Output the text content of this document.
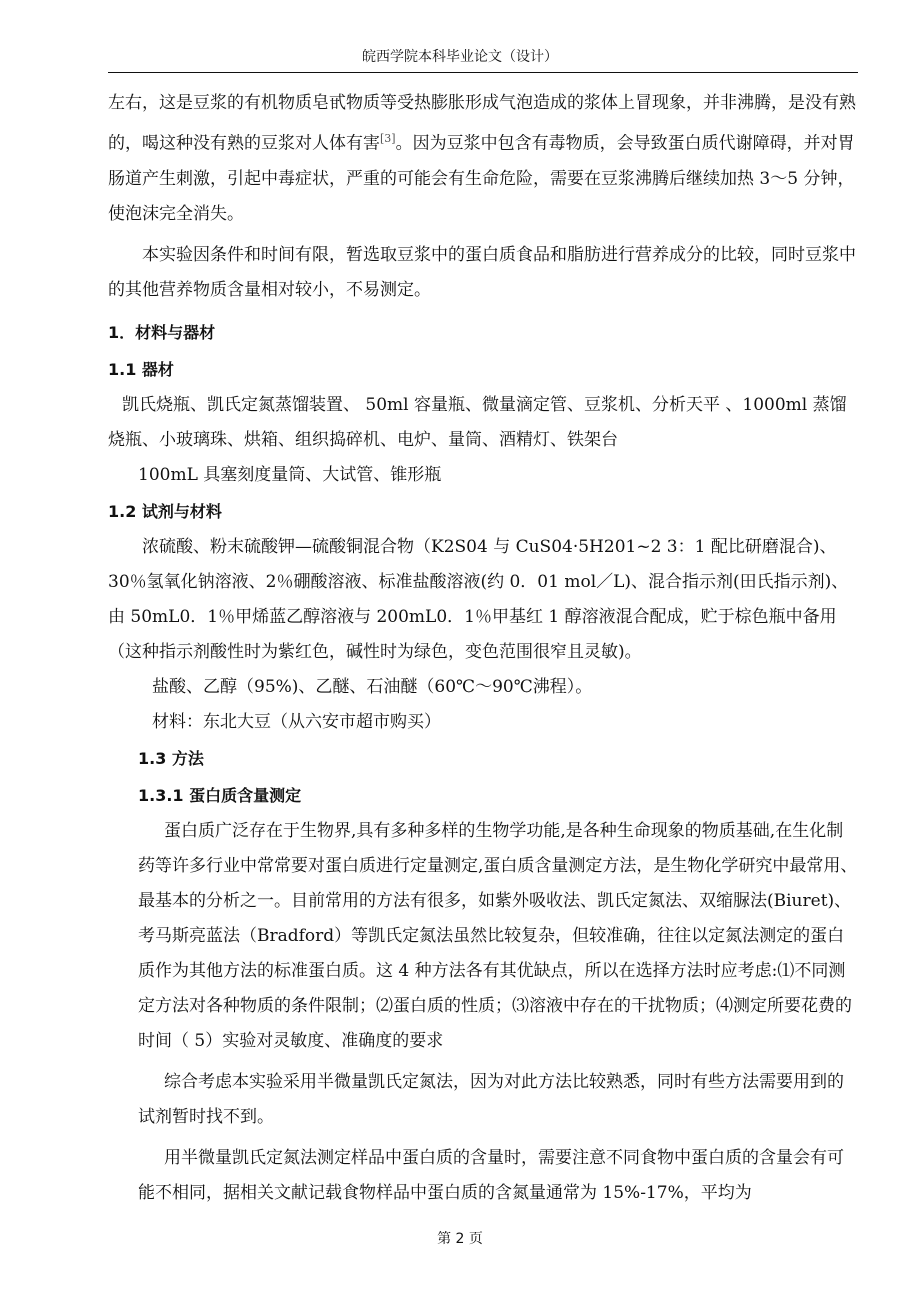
皖西学院本科毕业论文（设计）

左右，这是豆浆的有机物质皂甙物质等受热膨胀形成气泡造成的浆体上冒现象，并非沸腾，是没有熟的，喝这种没有熟的豆浆对人体有害[3]。因为豆浆中包含有毒物质，会导致蛋白质代谢障碍，并对胃肠道产生刺激，引起中毒症状，严重的可能会有生命危险，需要在豆浆沸腾后继续加热 3～5 分钟，使泡沫完全消失。

本实验因条件和时间有限，暂选取豆浆中的蛋白质食品和脂肪进行营养成分的比较，同时豆浆中的其他营养物质含量相对较小，不易测定。

1．材料与器材

1.1 器材

凯氏烧瓶、凯氏定氮蒸馏装置、 50ml 容量瓶、微量滴定管、豆浆机、分析天平 、1000ml 蒸馏烧瓶、小玻璃珠、烘箱、组织捣碎机、电炉、量筒、酒精灯、铁架台

100mL 具塞刻度量筒、大试管、锥形瓶

1.2 试剂与材料

浓硫酸、粉末硫酸钾—硫酸铜混合物（K2S04 与 CuS04·5H201~2 3：1 配比研磨混合)、30％氢氧化钠溶液、2％硼酸溶液、标准盐酸溶液(约 0．01 mol／L)、混合指示剂(田氏指示剂)、由 50mL0．1％甲烯蓝乙醇溶液与 200mL0．1％甲基红 1 醇溶液混合配成，贮于棕色瓶中备用（这种指示剂酸性时为紫红色，碱性时为绿色，变色范围很窄且灵敏)。

盐酸、乙醇（95%)、乙醚、石油醚（60℃～90℃沸程）。

材料：东北大豆（从六安市超市购买）

1.3 方法

1.3.1 蛋白质含量测定

蛋白质广泛存在于生物界,具有多种多样的生物学功能,是各种生命现象的物质基础,在生化制药等许多行业中常常要对蛋白质进行定量测定,蛋白质含量测定方法，是生物化学研究中最常用、最基本的分析之一。目前常用的方法有很多，如紫外吸收法、凯氏定氮法、双缩脲法(Biuret)、考马斯亮蓝法（Bradford）等凯氏定氮法虽然比较复杂，但较准确，往往以定氮法测定的蛋白质作为其他方法的标准蛋白质。这 4 种方法各有其优缺点，所以在选择方法时应考虑:⑴不同测定方法对各种物质的条件限制；⑵蛋白质的性质；⑶溶液中存在的干扰物质；⑷测定所要花费的时间（ 5）实验对灵敏度、准确度的要求

综合考虑本实验采用半微量凯氏定氮法，因为对此方法比较熟悉，同时有些方法需要用到的试剂暂时找不到。

用半微量凯氏定氮法测定样品中蛋白质的含量时，需要注意不同食物中蛋白质的含量会有可能不相同，据相关文献记载食物样品中蛋白质的含氮量通常为 15%-17%，平均为

第 2 页
